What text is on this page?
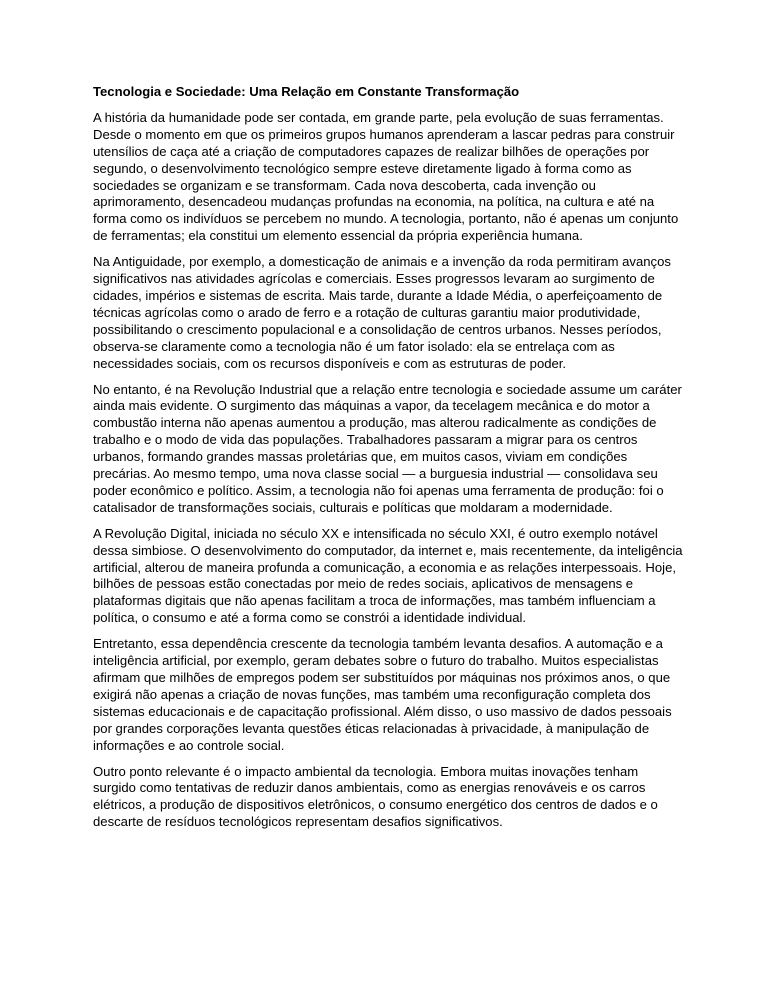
Tecnologia e Sociedade: Uma Relação em Constante Transformação
A história da humanidade pode ser contada, em grande parte, pela evolução de suas ferramentas. Desde o momento em que os primeiros grupos humanos aprenderam a lascar pedras para construir utensílios de caça até a criação de computadores capazes de realizar bilhões de operações por segundo, o desenvolvimento tecnológico sempre esteve diretamente ligado à forma como as sociedades se organizam e se transformam. Cada nova descoberta, cada invenção ou aprimoramento, desencadeou mudanças profundas na economia, na política, na cultura e até na forma como os indivíduos se percebem no mundo. A tecnologia, portanto, não é apenas um conjunto de ferramentas; ela constitui um elemento essencial da própria experiência humana.
Na Antiguidade, por exemplo, a domesticação de animais e a invenção da roda permitiram avanços significativos nas atividades agrícolas e comerciais. Esses progressos levaram ao surgimento de cidades, impérios e sistemas de escrita. Mais tarde, durante a Idade Média, o aperfeiçoamento de técnicas agrícolas como o arado de ferro e a rotação de culturas garantiu maior produtividade, possibilitando o crescimento populacional e a consolidação de centros urbanos. Nesses períodos, observa-se claramente como a tecnologia não é um fator isolado: ela se entrelaça com as necessidades sociais, com os recursos disponíveis e com as estruturas de poder.
No entanto, é na Revolução Industrial que a relação entre tecnologia e sociedade assume um caráter ainda mais evidente. O surgimento das máquinas a vapor, da tecelagem mecânica e do motor a combustão interna não apenas aumentou a produção, mas alterou radicalmente as condições de trabalho e o modo de vida das populações. Trabalhadores passaram a migrar para os centros urbanos, formando grandes massas proletárias que, em muitos casos, viviam em condições precárias. Ao mesmo tempo, uma nova classe social — a burguesia industrial — consolidava seu poder econômico e político. Assim, a tecnologia não foi apenas uma ferramenta de produção: foi o catalisador de transformações sociais, culturais e políticas que moldaram a modernidade.
A Revolução Digital, iniciada no século XX e intensificada no século XXI, é outro exemplo notável dessa simbiose. O desenvolvimento do computador, da internet e, mais recentemente, da inteligência artificial, alterou de maneira profunda a comunicação, a economia e as relações interpessoais. Hoje, bilhões de pessoas estão conectadas por meio de redes sociais, aplicativos de mensagens e plataformas digitais que não apenas facilitam a troca de informações, mas também influenciam a política, o consumo e até a forma como se constrói a identidade individual.
Entretanto, essa dependência crescente da tecnologia também levanta desafios. A automação e a inteligência artificial, por exemplo, geram debates sobre o futuro do trabalho. Muitos especialistas afirmam que milhões de empregos podem ser substituídos por máquinas nos próximos anos, o que exigirá não apenas a criação de novas funções, mas também uma reconfiguração completa dos sistemas educacionais e de capacitação profissional. Além disso, o uso massivo de dados pessoais por grandes corporações levanta questões éticas relacionadas à privacidade, à manipulação de informações e ao controle social.
Outro ponto relevante é o impacto ambiental da tecnologia. Embora muitas inovações tenham surgido como tentativas de reduzir danos ambientais, como as energias renováveis e os carros elétricos, a produção de dispositivos eletrônicos, o consumo energético dos centros de dados e o descarte de resíduos tecnológicos representam desafios significativos.
